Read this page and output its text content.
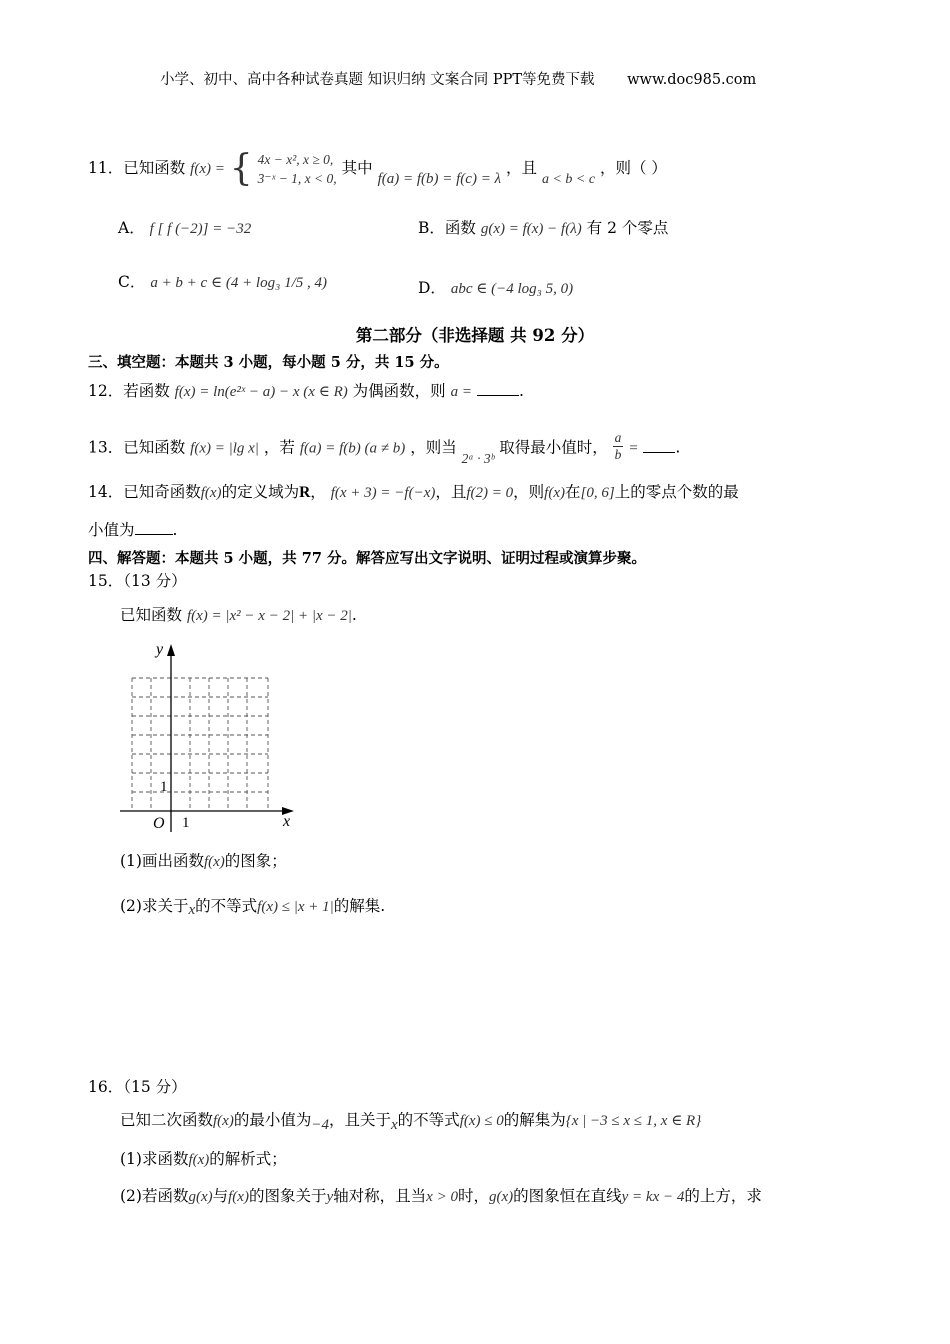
小学、初中、高中各种试卷真题 知识归纳 文案合同 PPT等免费下载 www.doc985.com
11．已知函数 f(x) = { 4x − x², x ≥ 0,
3⁻ˣ − 1, x < 0,
其中 f(a) = f(b) = f(c) = λ ，且 a < b < c ，则（ ）
A． f [ f (−2)] = −32	B．函数 g(x) = f(x) − f(λ) 有 2 个零点
C． a + b + c ∈ (4 + log₃ 1/5 , 4)	D． abc ∈ (−4 log₃ 5, 0)
第二部分（非选择题 共 92 分）
三、填空题：本题共 3 小题，每小题 5 分，共 15 分。
12．若函数 f(x) = ln(e²ˣ − a) − x (x ∈ R) 为偶函数，则 a =	.
13．已知函数 f(x) = |lg x| ，若 f(a) = f(b) (a ≠ b) ，则当 2ᵃ · 3ᵇ 取得最小值时， $\frac{a}{b}$ = .
14．已知奇函数f(x)的定义域为R， f(x + 3) = −f(−x)，且f(2) = 0，则f(x)在[0, 6]上的零点个数的最
小值为 .
四、解答题：本题共 5 小题，共 77 分。解答应写出文字说明、证明过程或演算步聚。
15．（13 分）
已知函数 f(x) = |x² − x − 2| + |x − 2|.
y
x
O 1
1
(1)画出函数f(x)的图象；
(2)求关于x的不等式f(x) ≤ |x + 1|的解集.
16．（15 分）
已知二次函数f(x)的最小值为−4，且关于x的不等式f(x) ≤ 0的解集为{x | −3 ≤ x ≤ 1, x ∈ R}
(1)求函数f(x)的解析式；
(2)若函数g(x)与f(x)的图象关于y轴对称，且当x > 0时，g(x)的图象恒在直线y = kx − 4的上方，求
